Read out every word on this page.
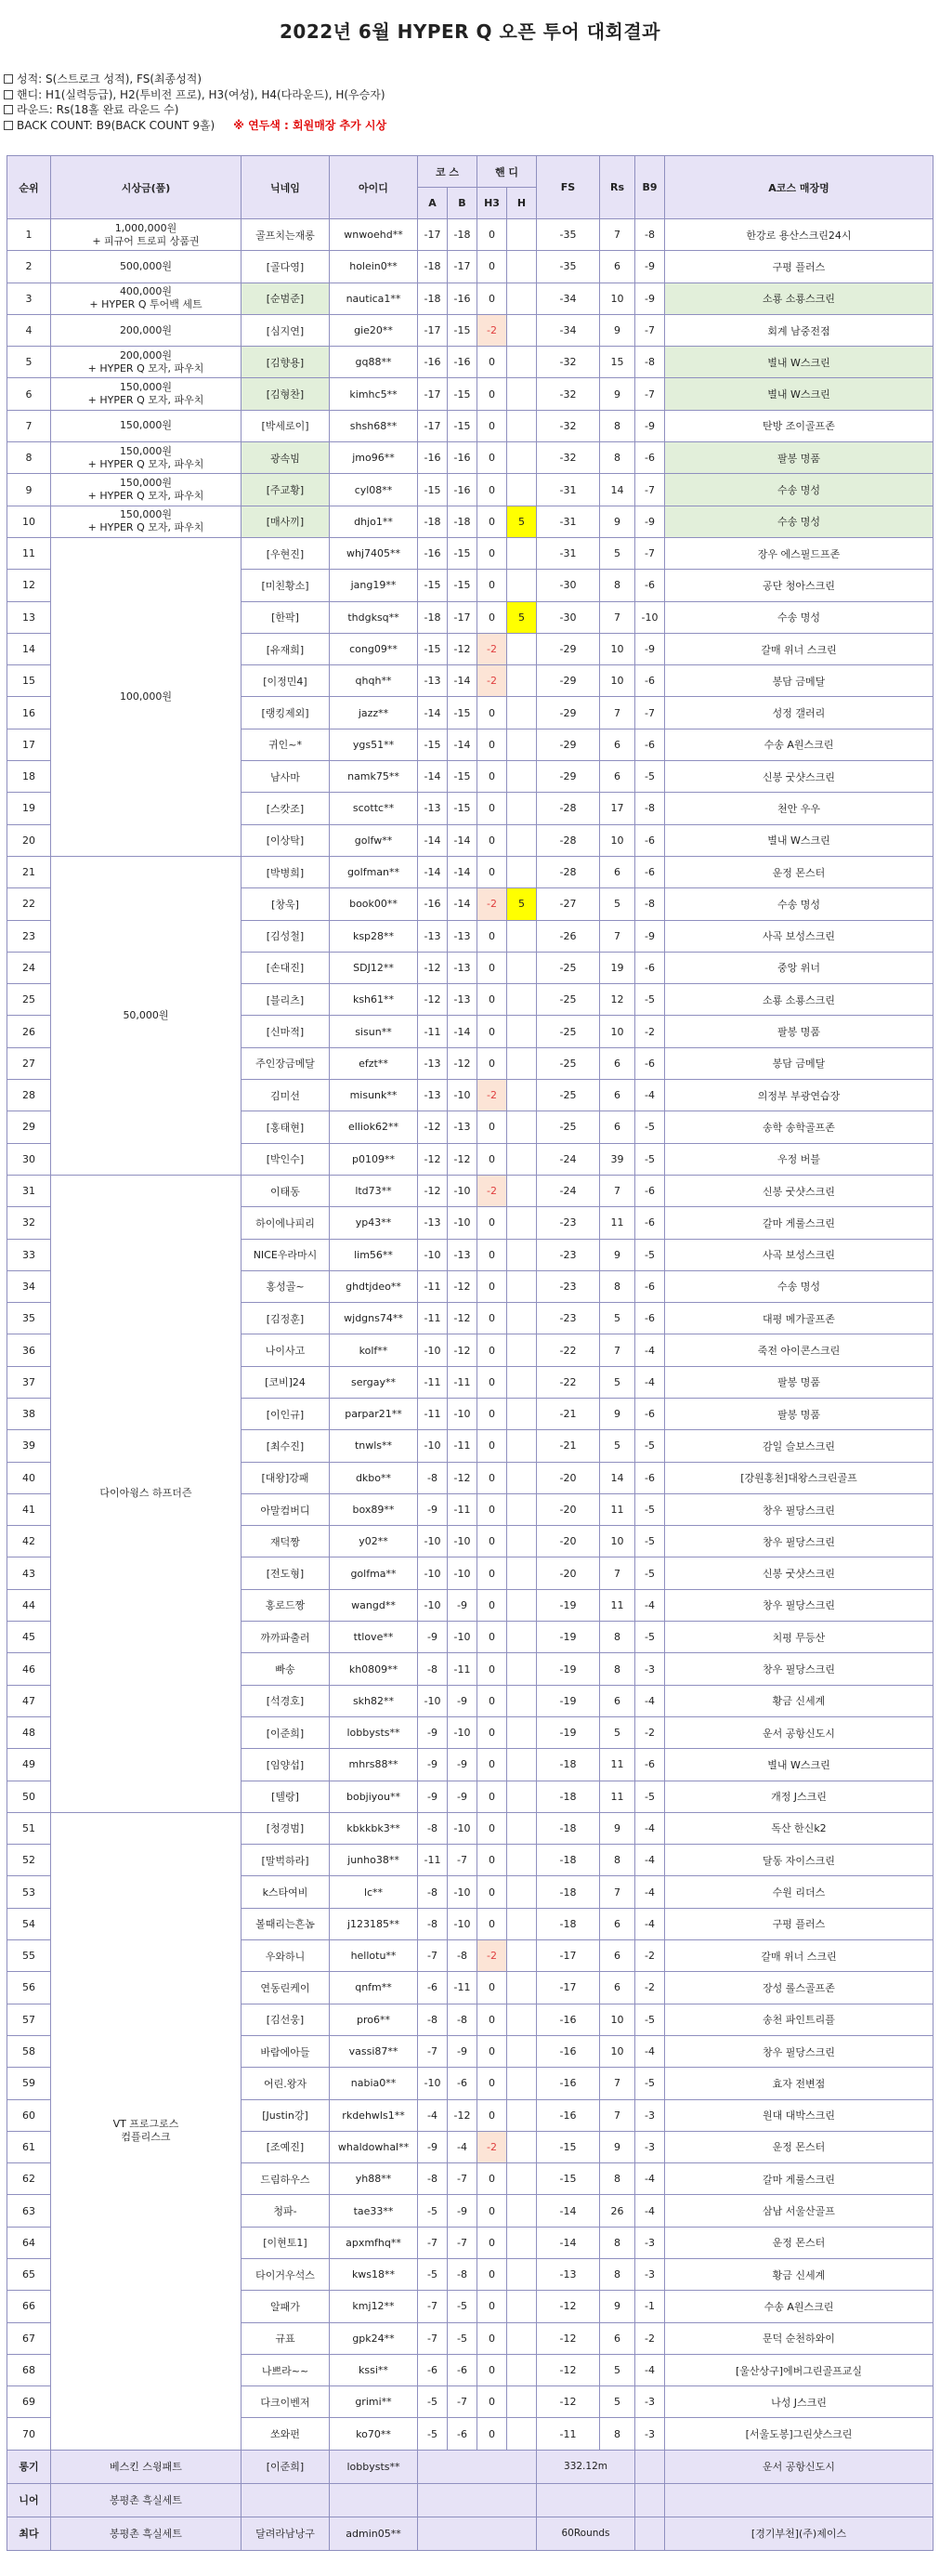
2022년 6월 HYPER Q 오픈 투어 대회결과
성적: S(스트로크 성적), FS(최종성적)
핸디: H1(실력등급), H2(투비전 프로), H3(여성), H4(다라운드), H(우승자)
라운드: Rs(18홀 완료 라운드 수)
BACK COUNT: B9(BACK COUNT 9홀) ※ 연두색 : 회원매장 추가 시상
순위	시상금(품)	닉네임	아이디	코 스		핸 디		FS	Rs	B9	A코스 매장명
				A	B	H3	H				
1	1,000,000원
+ 피규어 트로피 상품권	골프치는재롱	wnwoehd**	-17	-18	0		-35	7	-8	한강로 용산스크린24시
2	500,000원	[골다영]	holein0**	-18	-17	0		-35	6	-9	구평 플러스
3	400,000원
+ HYPER Q 투어백 세트	[순범준]	nautica1**	-18	-16	0		-34	10	-9	소룡 소룡스크린
4	200,000원	[심지연]	gie20**	-17	-15	-2		-34	9	-7	회계 남중전점
5	200,000원
+ HYPER Q 모자, 파우치	[김향용]	gq88**	-16	-16	0		-32	15	-8	별내 W스크린
6	150,000원
+ HYPER Q 모자, 파우치	[김형찬]	kimhc5**	-17	-15	0		-32	9	-7	별내 W스크린
7	150,000원	[박세로이]	shsh68**	-17	-15	0		-32	8	-9	탄방 조이골프존
8	150,000원
+ HYPER Q 모자, 파우치	광속빔	jmo96**	-16	-16	0		-32	8	-6	팔봉 명품
9	150,000원
+ HYPER Q 모자, 파우치	[주교황]	cyl08**	-15	-16	0		-31	14	-7	수송 명성
10	150,000원
+ HYPER Q 모자, 파우치	[매사끼]	dhjo1**	-18	-18	0	5	-31	9	-9	수송 명성
11	100,000원	[우현진]	whj7405**	-16	-15	0		-31	5	-7	장우 에스필드프존
12		[미친황소]	jang19**	-15	-15	0		-30	8	-6	공단 청아스크린
13		[한팍]	thdgksq**	-18	-17	0	5	-30	7	-10	수송 명성
14		[유재희]	cong09**	-15	-12	-2		-29	10	-9	갈매 위너 스크린
15		[이정민4]	qhqh**	-13	-14	-2		-29	10	-6	봉담 금메달
16		[랭킹제외]	jazz**	-14	-15	0		-29	7	-7	성정 갤러리
17		귀인~*	ygs51**	-15	-14	0		-29	6	-6	수송 A원스크린
18		남사마	namk75**	-14	-15	0		-29	6	-5	신봉 굿샷스크린
19		[스캇조]	scottc**	-13	-15	0		-28	17	-8	천안 우우
20		[이상탁]	golfw**	-14	-14	0		-28	10	-6	별내 W스크린
21	50,000원	[박병희]	golfman**	-14	-14	0		-28	6	-6	운정 몬스터
22		[창욱]	book00**	-16	-14	-2	5	-27	5	-8	수송 명성
23		[김성철]	ksp28**	-13	-13	0		-26	7	-9	사곡 보성스크린
24		[손대진]	SDJ12**	-12	-13	0		-25	19	-6	중앙 위너
25		[블리츠]	ksh61**	-12	-13	0		-25	12	-5	소룡 소룡스크린
26		[신마적]	sisun**	-11	-14	0		-25	10	-2	팔봉 명품
27		주인장금메달	efzt**	-13	-12	0		-25	6	-6	봉담 금메달
28		김미선	misunk**	-13	-10	-2		-25	6	-4	의정부 부광연습장
29		[홍태현]	elliok62**	-12	-13	0		-25	6	-5	송학 송학골프존
30		[박인수]	p0109**	-12	-12	0		-24	39	-5	우정 버블
31	다이아윙스 하프더즌	이태동	ltd73**	-12	-10	-2		-24	7	-6	신봉 굿샷스크린
32		하이에나피리	yp43**	-13	-10	0		-23	11	-6	갈마 게룰스크린
33		NICE우라마시	lim56**	-10	-13	0		-23	9	-5	사곡 보성스크린
34		홍성골~	ghdtjdeo**	-11	-12	0		-23	8	-6	수송 명성
35		[김정훈]	wjdgns74**	-11	-12	0		-23	5	-6	대평 메가골프존
36		나이사고	kolf**	-10	-12	0		-22	7	-4	죽전 아이콘스크린
37		[코비]24	sergay**	-11	-11	0		-22	5	-4	팔봉 명품
38		[이인규]	parpar21**	-11	-10	0		-21	9	-6	팔봉 명품
39		[최수진]	tnwls**	-10	-11	0		-21	5	-5	감일 슬보스크린
40		[대왕]강패	dkbo**	-8	-12	0		-20	14	-6	[강원홍천]대왕스크린골프
41		아말컴버디	box89**	-9	-11	0		-20	11	-5	창우 필당스크린
42		재덕짱	y02**	-10	-10	0		-20	10	-5	창우 필당스크린
43		[전도형]	golfma**	-10	-10	0		-20	7	-5	신봉 굿샷스크린
44		홍로드짱	wangd**	-10	-9	0		-19	11	-4	창우 필당스크린
45		까까파출러	ttlove**	-9	-10	0		-19	8	-5	치평 무등산
46		빠송	kh0809**	-8	-11	0		-19	8	-3	창우 필당스크린
47		[석경호]	skh82**	-10	-9	0		-19	6	-4	황금 신세계
48		[이준희]	lobbysts**	-9	-10	0		-19	5	-2	운서 공항신도시
49		[임양섭]	mhrs88**	-9	-9	0		-18	11	-6	별내 W스크린
50		[텔랑]	bobjiyou**	-9	-9	0		-18	11	-5	개정 J스크린
51	VT 프로그로스
컴플리스크	[청경범]	kbkkbk3**	-8	-10	0		-18	9	-4	독산 한신k2
52		[말벅하라]	junho38**	-11	-7	0		-18	8	-4	달동 자이스크린
53		k스타여비	lc**	-8	-10	0		-18	7	-4	수원 리더스
54		볼때리는흔놈	j123185**	-8	-10	0		-18	6	-4	구평 플러스
55		우와하니	hellotu**	-7	-8	-2		-17	6	-2	갈매 위너 스크린
56		연동린케이	qnfm**	-6	-11	0		-17	6	-2	장성 롤스골프존
57		[김선웅]	pro6**	-8	-8	0		-16	10	-5	송천 파인트리플
58		바람에아들	vassi87**	-7	-9	0		-16	10	-4	창우 필당스크린
59		어린.왕자	nabia0**	-10	-6	0		-16	7	-5	효자 전변점
60		[Justin강]	rkdehwls1**	-4	-12	0		-16	7	-3	원대 대박스크린
61		[조예진]	whaldowhal**	-9	-4	-2		-15	9	-3	운정 몬스터
62		드림하우스	yh88**	-8	-7	0		-15	8	-4	갈마 게룰스크린
63		청파-	tae33**	-5	-9	0		-14	26	-4	삼남 서울산골프
64		[이현토1]	apxmfhq**	-7	-7	0		-14	8	-3	운정 몬스터
65		타이거우석스	kws18**	-5	-8	0		-13	8	-3	황금 신세계
66		알패가	kmj12**	-7	-5	0		-12	9	-1	수송 A원스크린
67		규표	gpk24**	-7	-5	0		-12	6	-2	문덕 순천하와이
68		나쁘라~~	kssi**	-6	-6	0		-12	5	-4	[울산상구]에버그린골프교실
69		다크이벤저	grimi**	-5	-7	0		-12	5	-3	나성 J스크린
70		쏘와펀	ko70**	-5	-6	0		-11	8	-3	[서울도봉]그린샷스크린
롱기	베스킨 스윙패트	[이준희]	lobbysts**					332.12m			운서 공항신도시
니어	봉평촌 흑실세트										
최다	봉평촌 흑실세트	달려라남낭구	admin05**					60Rounds			[경기부천](주)제이스
